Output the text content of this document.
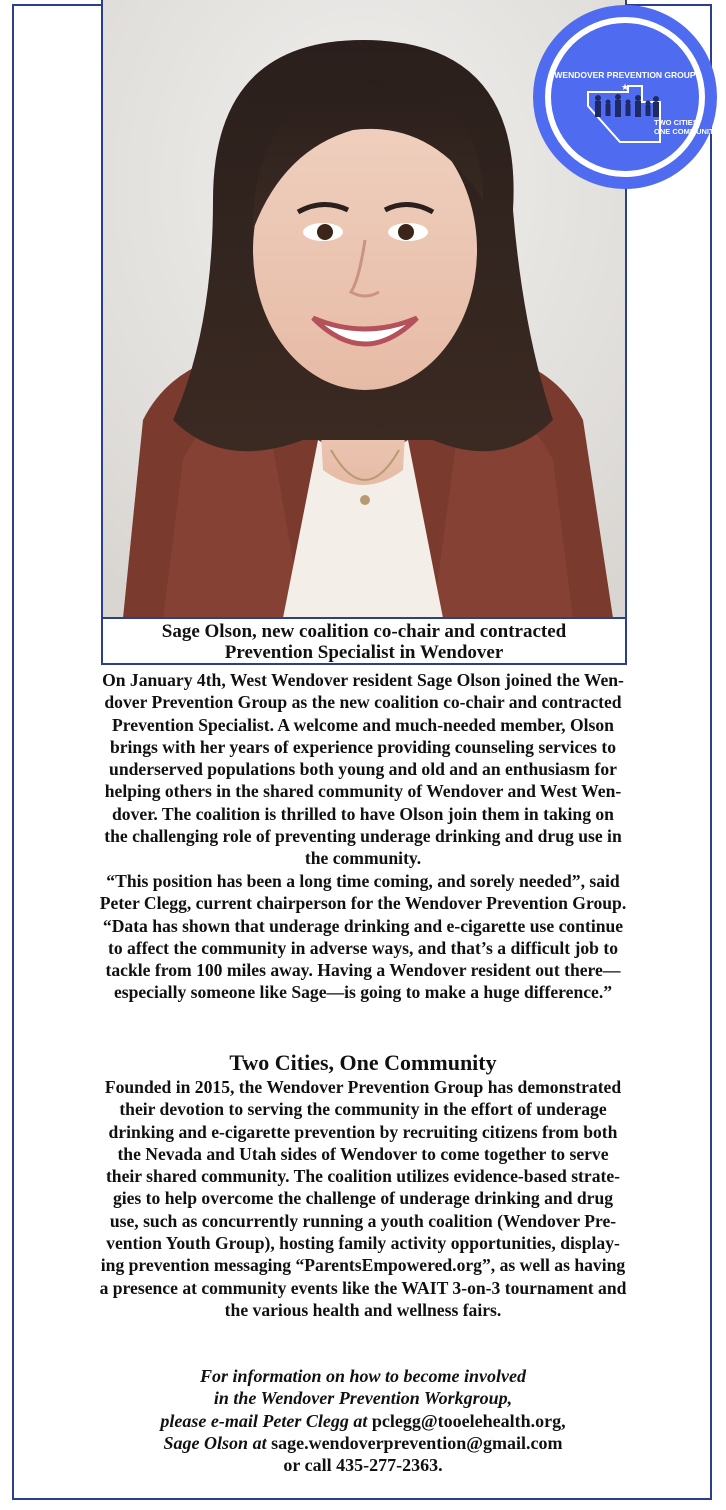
WENDOVER PREVENTION GROUP
★
TWO CITIES,
ONE COMMUNITY
Sage Olson, new coalition co-chair and contracted
Prevention Specialist in Wendover
On January 4th, West Wendover resident Sage Olson joined the Wen-
dover Prevention Group as the new coalition co-chair and contracted
Prevention Specialist. A welcome and much-needed member, Olson
brings with her years of experience providing counseling services to
underserved populations both young and old and an enthusiasm for
helping others in the shared community of Wendover and West Wen-
dover. The coalition is thrilled to have Olson join them in taking on
the challenging role of preventing underage drinking and drug use in
the community.
“This position has been a long time coming, and sorely needed”, said
Peter Clegg, current chairperson for the Wendover Prevention Group.
“Data has shown that underage drinking and e-cigarette use continue
to affect the community in adverse ways, and that’s a difficult job to
tackle from 100 miles away. Having a Wendover resident out there—
especially someone like Sage—is going to make a huge difference.”
Two Cities, One Community
Founded in 2015, the Wendover Prevention Group has demonstrated
their devotion to serving the community in the effort of underage
drinking and e-cigarette prevention by recruiting citizens from both
the Nevada and Utah sides of Wendover to come together to serve
their shared community. The coalition utilizes evidence-based strate-
gies to help overcome the challenge of underage drinking and drug
use, such as concurrently running a youth coalition (Wendover Pre-
vention Youth Group), hosting family activity opportunities, display-
ing prevention messaging “ParentsEmpowered.org”, as well as having
a presence at community events like the WAIT 3-on-3 tournament and
the various health and wellness fairs.
For information on how to become involved
in the Wendover Prevention Workgroup,
please e-mail Peter Clegg at pclegg@tooelehealth.org,
Sage Olson at sage.wendoverprevention@gmail.com
or call 435-277-2363.
